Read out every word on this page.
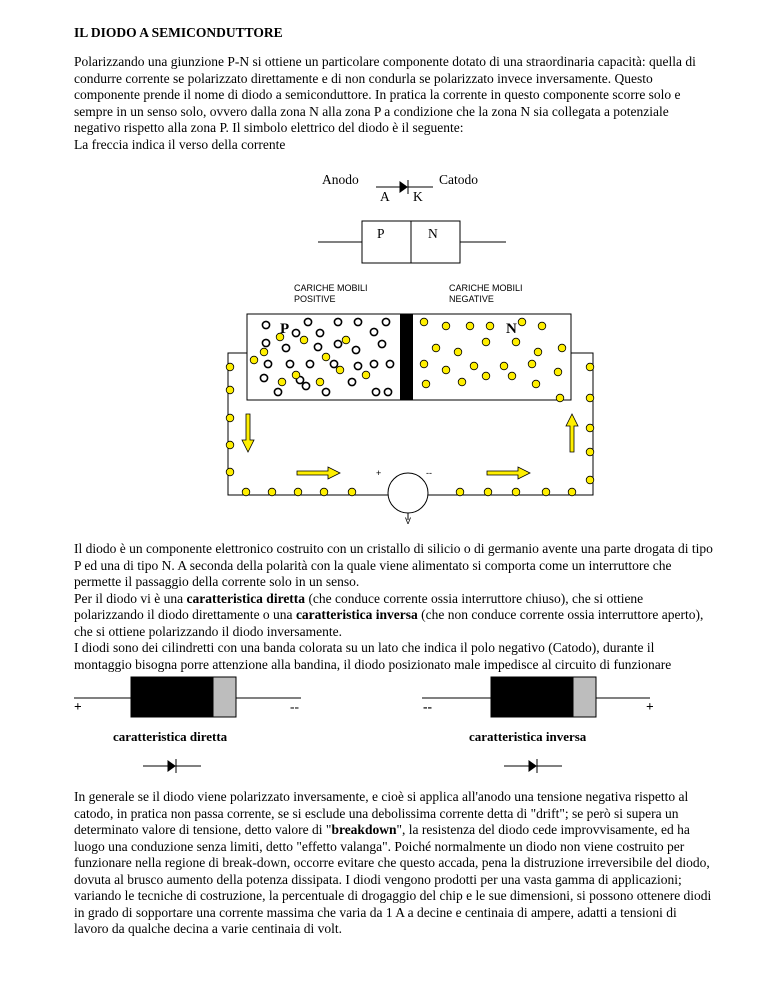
IL DIODO A SEMICONDUTTORE

Polarizzando una giunzione P-N si ottiene un particolare componente dotato di una straordinaria capacità: quella di condurre corrente se polarizzato direttamente e di non condurla se polarizzato invece inversamente. Questo componente prende il nome di diodo a semiconduttore. In pratica la corrente in questo componente scorre solo e sempre in un senso solo, ovvero dalla zona N alla zona P a condizione che la zona N sia collegata a potenziale negativo rispetto alla zona P. Il simbolo elettrico del diodo è il seguente:
La freccia indica il verso della corrente

Anodo	Catodo
A K
P	N
CARICHE MOBILI
POSITIVE
CARICHE MOBILI
NEGATIVE
P	N
+	--
V

Il diodo è un componente elettronico costruito con un cristallo di silicio o di germanio avente una parte drogata di tipo P ed una di tipo N. A seconda della polarità con la quale viene alimentato si comporta come un interruttore che permette il passaggio della corrente solo in un senso.
Per il diodo vi è una caratteristica diretta (che conduce corrente ossia interruttore chiuso), che si ottiene polarizzando il diodo direttamente o una caratteristica inversa (che non conduce corrente ossia interruttore aperto), che si ottiene polarizzando il diodo inversamente.
I diodi sono dei cilindretti con una banda colorata su un lato che indica il polo negativo (Catodo), durante il montaggio bisogna porre attenzione alla bandina, il diodo posizionato male impedisce al circuito di funzionare

+	--	--	+
caratteristica diretta	caratteristica inversa

In generale se il diodo viene polarizzato inversamente, e cioè si applica all'anodo una tensione negativa rispetto al catodo, in pratica non passa corrente, se si esclude una debolissima corrente detta di "drift"; se però si supera un determinato valore di tensione, detto valore di "breakdown", la resistenza del diodo cede improvvisamente, ed ha luogo una conduzione senza limiti, detto "effetto valanga". Poiché normalmente un diodo non viene costruito per funzionare nella regione di break-down, occorre evitare che questo accada, pena la distruzione irreversibile del diodo, dovuta al brusco aumento della potenza dissipata. I diodi vengono prodotti per una vasta gamma di applicazioni; variando le tecniche di costruzione, la percentuale di drogaggio del chip e le sue dimensioni, si possono ottenere diodi in grado di sopportare una corrente massima che varia da 1 A a decine e centinaia di ampere, adatti a tensioni di lavoro da qualche decina a varie centinaia di volt.
